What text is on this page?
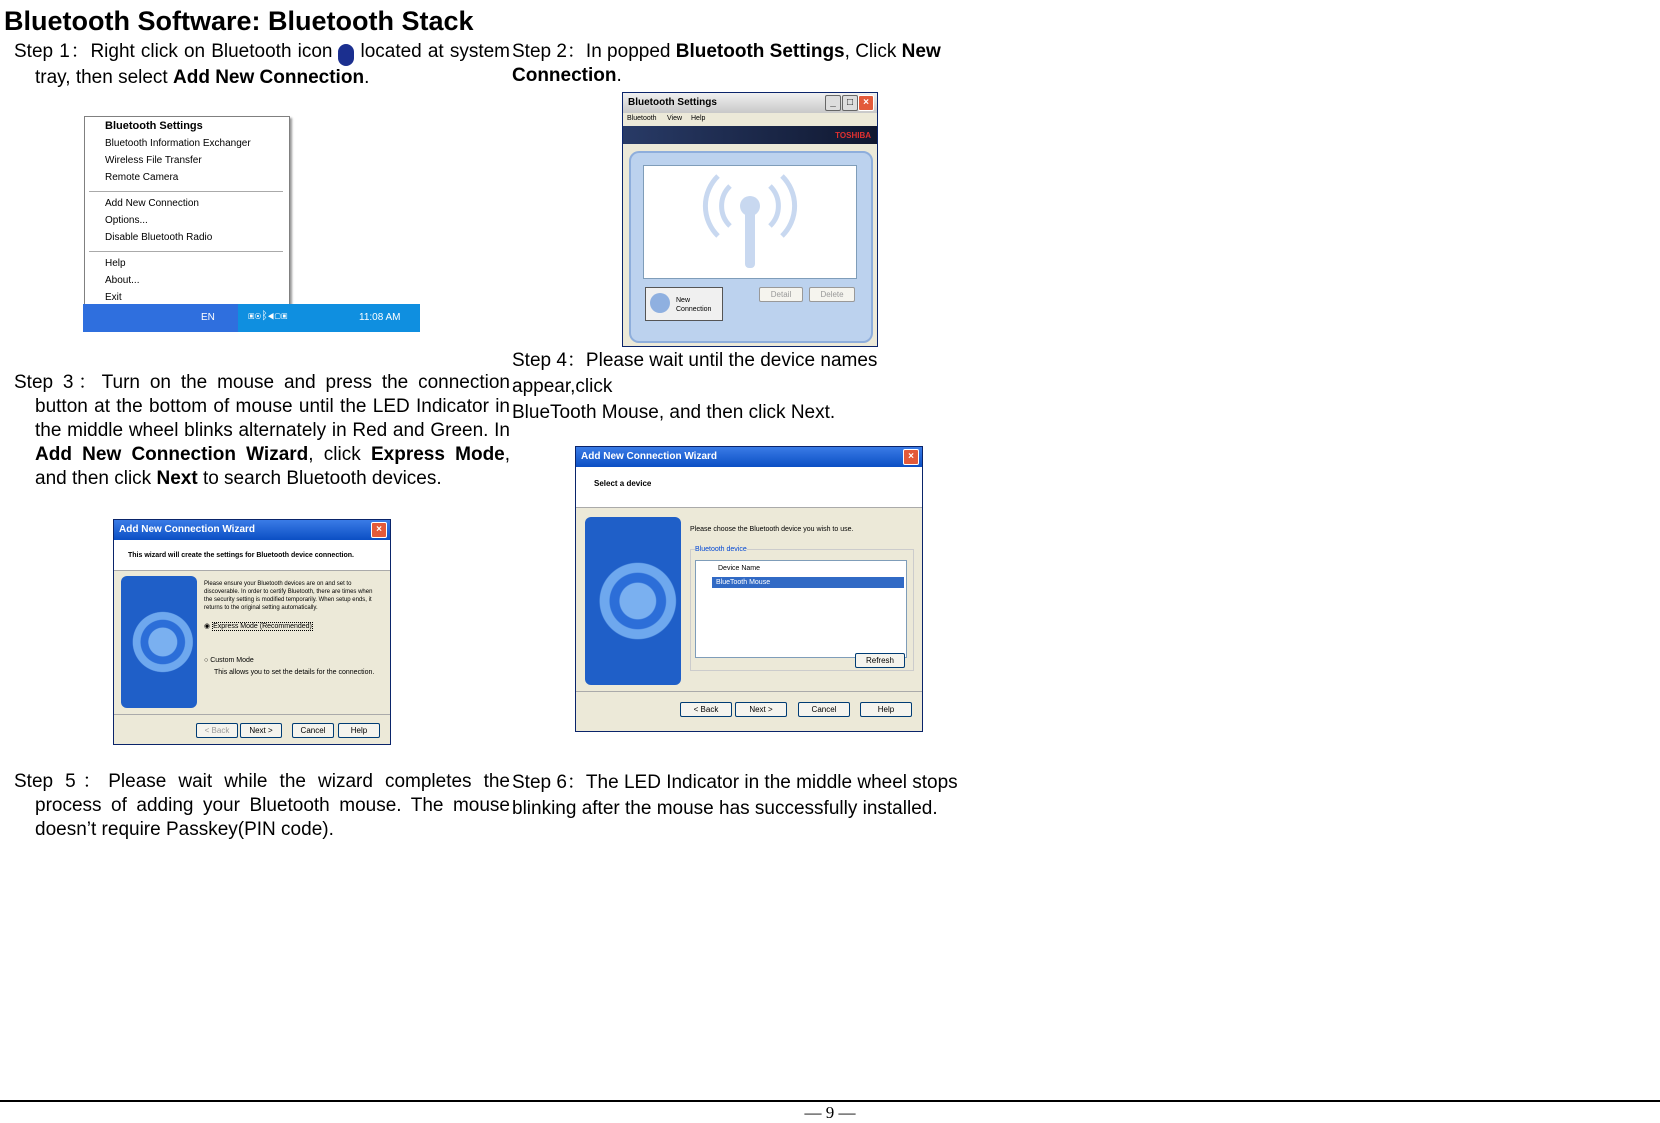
Bluetooth Software: Bluetooth Stack
Step 1：Right click on Bluetooth iconᛒ located at system tray, then select Add New Connection.
Bluetooth Settings
Bluetooth Information Exchanger
Wireless File Transfer
Remote Camera
Add New Connection
Options...
Disable Bluetooth Radio
Help
About...
Exit
EN	▣◉ᛒ◀▢▣	11:08 AM
Step 2：In popped Bluetooth Settings, Click New Connection.
Bluetooth Settings	_	□	×
Bluetooth View Help
TOSHIBA
New Connection
Detail	Delete
Step 3：Turn on the mouse and press the connection button at the bottom of mouse until the LED Indicator in the middle wheel blinks alternately in Red and Green. In Add New Connection Wizard, click Express Mode, and then click Next to search Bluetooth devices.
Add New Connection Wizard	×
This wizard will create the settings for Bluetooth device connection.
Please ensure your Bluetooth devices are on and set to discoverable. In order to certify Bluetooth, there are times when the security setting is modified temporarily. When setup ends, it returns to the original setting automatically.
◉ Express Mode (Recommended)
○ Custom Mode
This allows you to set the details for the connection.
< Back	Next >	Cancel	Help
Step 4：Please wait until the device names appear,click
BlueTooth Mouse, and then click Next.
Add New Connection Wizard	×
Select a device
Please choose the Bluetooth device you wish to use.
Bluetooth device
Device Name
BlueTooth Mouse
Refresh
< Back	Next >	Cancel	Help
Step 5：Please wait while the wizard completes the process of adding your Bluetooth mouse. The mouse doesn’t require Passkey(PIN code).
Step 6：The LED Indicator in the middle wheel stops blinking after the mouse has successfully installed.
— 9 —
